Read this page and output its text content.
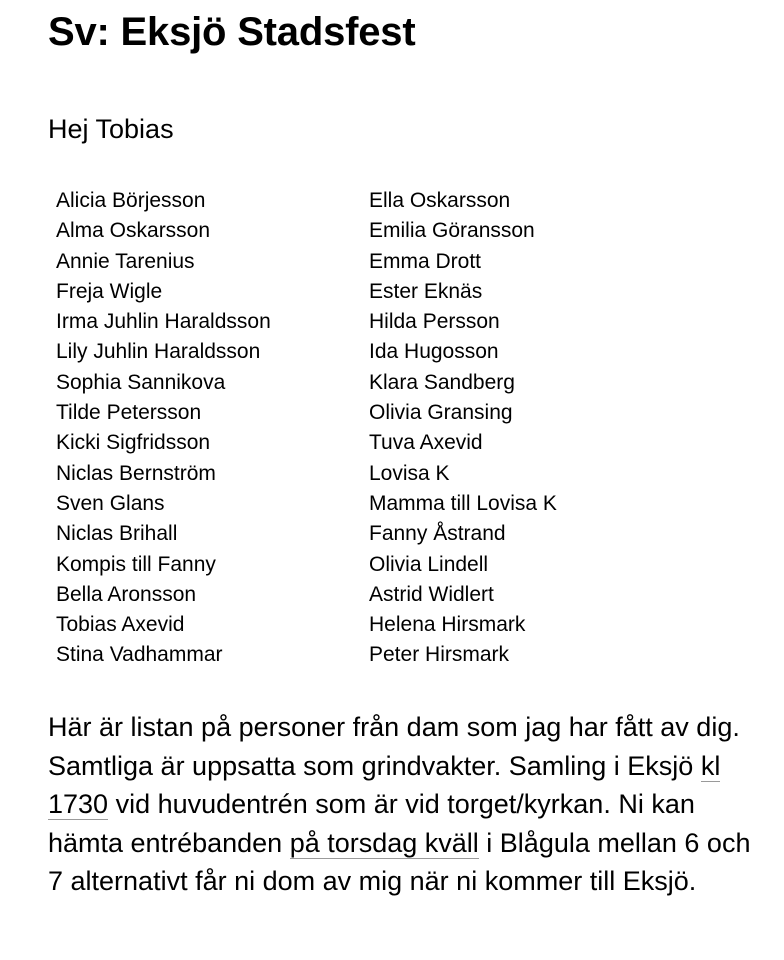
Sv: Eksjö Stadsfest
Hej Tobias
Alicia Börjesson	Ella Oskarsson
Alma Oskarsson	Emilia Göransson
Annie Tarenius	Emma Drott
Freja Wigle	Ester Eknäs
Irma Juhlin Haraldsson	Hilda Persson
Lily Juhlin Haraldsson	Ida Hugosson
Sophia Sannikova	Klara Sandberg
Tilde Petersson	Olivia Gransing
Kicki Sigfridsson	Tuva Axevid
Niclas Bernström	Lovisa K
Sven Glans	Mamma till Lovisa K
Niclas Brihall	Fanny Åstrand
Kompis till Fanny	Olivia Lindell
Bella Aronsson	Astrid Widlert
Tobias Axevid	Helena Hirsmark
Stina Vadhammar	Peter Hirsmark
Här är listan på personer från dam som jag har fått av dig. Samtliga är uppsatta som grindvakter. Samling i Eksjö kl 1730 vid huvudentrén som är vid torget/kyrkan. Ni kan hämta entrébanden på torsdag kväll i Blågula mellan 6 och 7 alternativt får ni dom av mig när ni kommer till Eksjö.
